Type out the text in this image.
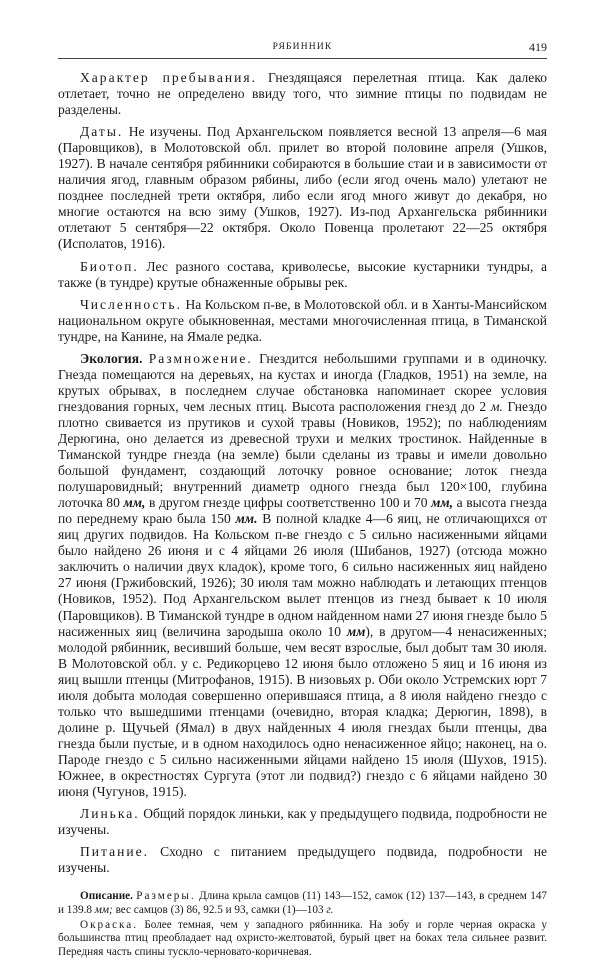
РЯБИННИК	419

Характер пребывания. Гнездящаяся перелетная птица. Как далеко отлетает, точно не определено ввиду того, что зимние птицы по подвидам не разделены.

Даты. Не изучены. Под Архангельском появляется весной 13 апреля—6 мая (Паровщиков), в Молотовской обл. прилет во второй половине апреля (Ушков, 1927). В начале сентября рябинники собираются в большие стаи и в зависимости от наличия ягод, главным образом рябины, либо (если ягод очень мало) улетают не позднее последней трети октября, либо если ягод много живут до декабря, но многие остаются на всю зиму (Ушков, 1927). Из-под Архангельска рябинники отлетают 5 сентября—22 октября. Около Повенца пролетают 22—25 октября (Исполатов, 1916).

Биотоп. Лес разного состава, криволесье, высокие кустарники тундры, а также (в тундре) крутые обнаженные обрывы рек.

Численность. На Кольском п-ве, в Молотовской обл. и в Ханты-Мансийском национальном округе обыкновенная, местами многочисленная птица, в Тиманской тундре, на Канине, на Ямале редка.

Экология. Размножение. Гнездится небольшими группами и в одиночку. Гнезда помещаются на деревьях, на кустах и иногда (Гладков, 1951) на земле, на крутых обрывах, в последнем случае обстановка напоминает скорее условия гнездования горных, чем лесных птиц. Высота расположения гнезд до 2 м. Гнездо плотно свивается из прутиков и сухой травы (Новиков, 1952); по наблюдениям Дерюгина, оно делается из древесной трухи и мелких тростинок. Найденные в Тиманской тундре гнезда (на земле) были сделаны из травы и имели довольно большой фундамент, создающий лоточку ровное основание; лоток гнезда полушаровидный; внутренний диаметр одного гнезда был 120×100, глубина лоточка 80 мм, в другом гнезде цифры соответственно 100 и 70 мм, а высота гнезда по переднему краю была 150 мм. В полной кладке 4—6 яиц, не отличающихся от яиц других подвидов. На Кольском п-ве гнездо с 5 сильно насиженными яйцами было найдено 26 июня и с 4 яйцами 26 июля (Шибанов, 1927) (отсюда можно заключить о наличии двух кладок), кроме того, 6 сильно насиженных яиц найдено 27 июня (Гржибовский, 1926); 30 июля там можно наблюдать и летающих птенцов (Новиков, 1952). Под Архангельском вылет птенцов из гнезд бывает к 10 июля (Паровщиков). В Тиманской тундре в одном найденном нами 27 июня гнезде было 5 насиженных яиц (величина зародыша около 10 мм), в другом—4 ненасиженных; молодой рябинник, весивший больше, чем весят взрослые, был добыт там 30 июля. В Молотовской обл. у с. Редикорцево 12 июня было отложено 5 яиц и 16 июня из яиц вышли птенцы (Митрофанов, 1915). В низовьях р. Оби около Устремских юрт 7 июля добыта молодая совершенно оперившаяся птица, а 8 июля найдено гнездо с только что вышедшими птенцами (очевидно, вторая кладка; Дерюгин, 1898), в долине р. Щучьей (Ямал) в двух найденных 4 июля гнездах были птенцы, два гнезда были пустые, и в одном находилось одно ненасиженное яйцо; наконец, на о. Пароде гнездо с 5 сильно насиженными яйцами найдено 15 июля (Шухов, 1915). Южнее, в окрестностях Сургута (этот ли подвид?) гнездо с 6 яйцами найдено 30 июня (Чугунов, 1915).

Линька. Общий порядок линьки, как у предыдущего подвида, подробности не изучены.

Питание. Сходно с питанием предыдущего подвида, подробности не изучены.

Описание. Размеры. Длина крыла самцов (11) 143—152, самок (12) 137—143, в среднем 147 и 139.8 мм; вес самцов (3) 86, 92.5 и 93, самки (1)—103 г.

Окраска. Более темная, чем у западного рябинника. На зобу и горле черная окраска у большинства птиц преобладает над охристо-желтоватой, бурый цвет на боках тела сильнее развит. Передняя часть спины тускло-черновато-коричневая.
